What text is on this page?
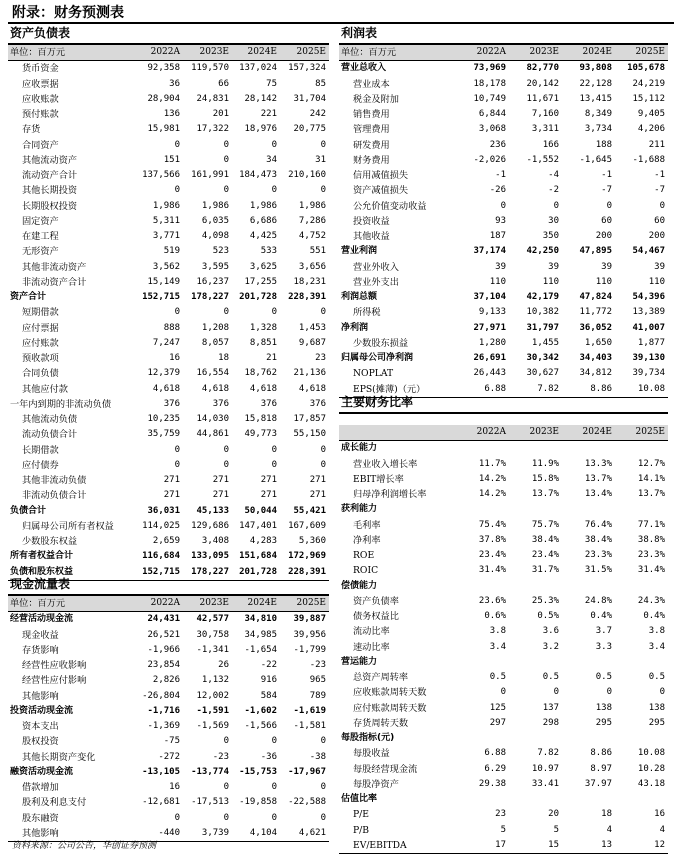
附录：财务预测表
资产负债表
单位：百万元	2022A	2023E	2024E	2025E
货币资金	92,358	119,570	137,024	157,324
应收票据	36	66	75	85
应收账款	28,904	24,831	28,142	31,704
预付账款	136	201	221	242
存货	15,981	17,322	18,976	20,775
合同资产	0	0	0	0
其他流动资产	151	0	34	31
流动资产合计	137,566	161,991	184,473	210,160
其他长期投资	0	0	0	0
长期股权投资	1,986	1,986	1,986	1,986
固定资产	5,311	6,035	6,686	7,286
在建工程	3,771	4,098	4,425	4,752
无形资产	519	523	533	551
其他非流动资产	3,562	3,595	3,625	3,656
非流动资产合计	15,149	16,237	17,255	18,231
资产合计	152,715	178,227	201,728	228,391
短期借款	0	0	0	0
应付票据	888	1,208	1,328	1,453
应付账款	7,247	8,057	8,851	9,687
预收款项	16	18	21	23
合同负债	12,379	16,554	18,762	21,136
其他应付款	4,618	4,618	4,618	4,618
一年内到期的非流动负债	376	376	376	376
其他流动负债	10,235	14,030	15,818	17,857
流动负债合计	35,759	44,861	49,773	55,150
长期借款	0	0	0	0
应付债券	0	0	0	0
其他非流动负债	271	271	271	271
非流动负债合计	271	271	271	271
负债合计	36,031	45,133	50,044	55,421
归属母公司所有者权益	114,025	129,686	147,401	167,609
少数股东权益	2,659	3,408	4,283	5,360
所有者权益合计	116,684	133,095	151,684	172,969
负债和股东权益	152,715	178,227	201,728	228,391
现金流量表
单位：百万元	2022A	2023E	2024E	2025E
经营活动现金流	24,431	42,577	34,810	39,887
现金收益	26,521	30,758	34,985	39,956
存货影响	-1,966	-1,341	-1,654	-1,799
经营性应收影响	23,854	26	-22	-23
经营性应付影响	2,826	1,132	916	965
其他影响	-26,804	12,002	584	789
投资活动现金流	-1,716	-1,591	-1,602	-1,619
资本支出	-1,369	-1,569	-1,566	-1,581
股权投资	-75	0	0	0
其他长期资产变化	-272	-23	-36	-38
融资活动现金流	-13,105	-13,774	-15,753	-17,967
借款增加	16	0	0	0
股利及利息支付	-12,681	-17,513	-19,858	-22,588
股东融资	0	0	0	0
其他影响	-440	3,739	4,104	4,621
利润表
单位：百万元	2022A	2023E	2024E	2025E
营业总收入	73,969	82,770	93,808	105,678
营业成本	18,178	20,142	22,128	24,219
税金及附加	10,749	11,671	13,415	15,112
销售费用	6,844	7,160	8,349	9,405
管理费用	3,068	3,311	3,734	4,206
研发费用	236	166	188	211
财务费用	-2,026	-1,552	-1,645	-1,688
信用减值损失	-1	-4	-1	-1
资产减值损失	-26	-2	-7	-7
公允价值变动收益	0	0	0	0
投资收益	93	30	60	60
其他收益	187	350	200	200
营业利润	37,174	42,250	47,895	54,467
营业外收入	39	39	39	39
营业外支出	110	110	110	110
利润总额	37,104	42,179	47,824	54,396
所得税	9,133	10,382	11,772	13,389
净利润	27,971	31,797	36,052	41,007
少数股东损益	1,280	1,455	1,650	1,877
归属母公司净利润	26,691	30,342	34,403	39,130
NOPLAT	26,443	30,627	34,812	39,734
EPS(摊薄)（元）	6.88	7.82	8.86	10.08
主要财务比率
	2022A	2023E	2024E	2025E
成长能力				
营业收入增长率	11.7%	11.9%	13.3%	12.7%
EBIT增长率	14.2%	15.8%	13.7%	14.1%
归母净利润增长率	14.2%	13.7%	13.4%	13.7%
获利能力				
毛利率	75.4%	75.7%	76.4%	77.1%
净利率	37.8%	38.4%	38.4%	38.8%
ROE	23.4%	23.4%	23.3%	23.3%
ROIC	31.4%	31.7%	31.5%	31.4%
偿债能力				
资产负债率	23.6%	25.3%	24.8%	24.3%
债务权益比	0.6%	0.5%	0.4%	0.4%
流动比率	3.8	3.6	3.7	3.8
速动比率	3.4	3.2	3.3	3.4
营运能力				
总资产周转率	0.5	0.5	0.5	0.5
应收账款周转天数	0	0	0	0
应付账款周转天数	125	137	138	138
存货周转天数	297	298	295	295
每股指标(元)				
每股收益	6.88	7.82	8.86	10.08
每股经营现金流	6.29	10.97	8.97	10.28
每股净资产	29.38	33.41	37.97	43.18
估值比率				
P/E	23	20	18	16
P/B	5	5	4	4
EV/EBITDA	17	15	13	12
资料来源：公司公告，华创证券预测
